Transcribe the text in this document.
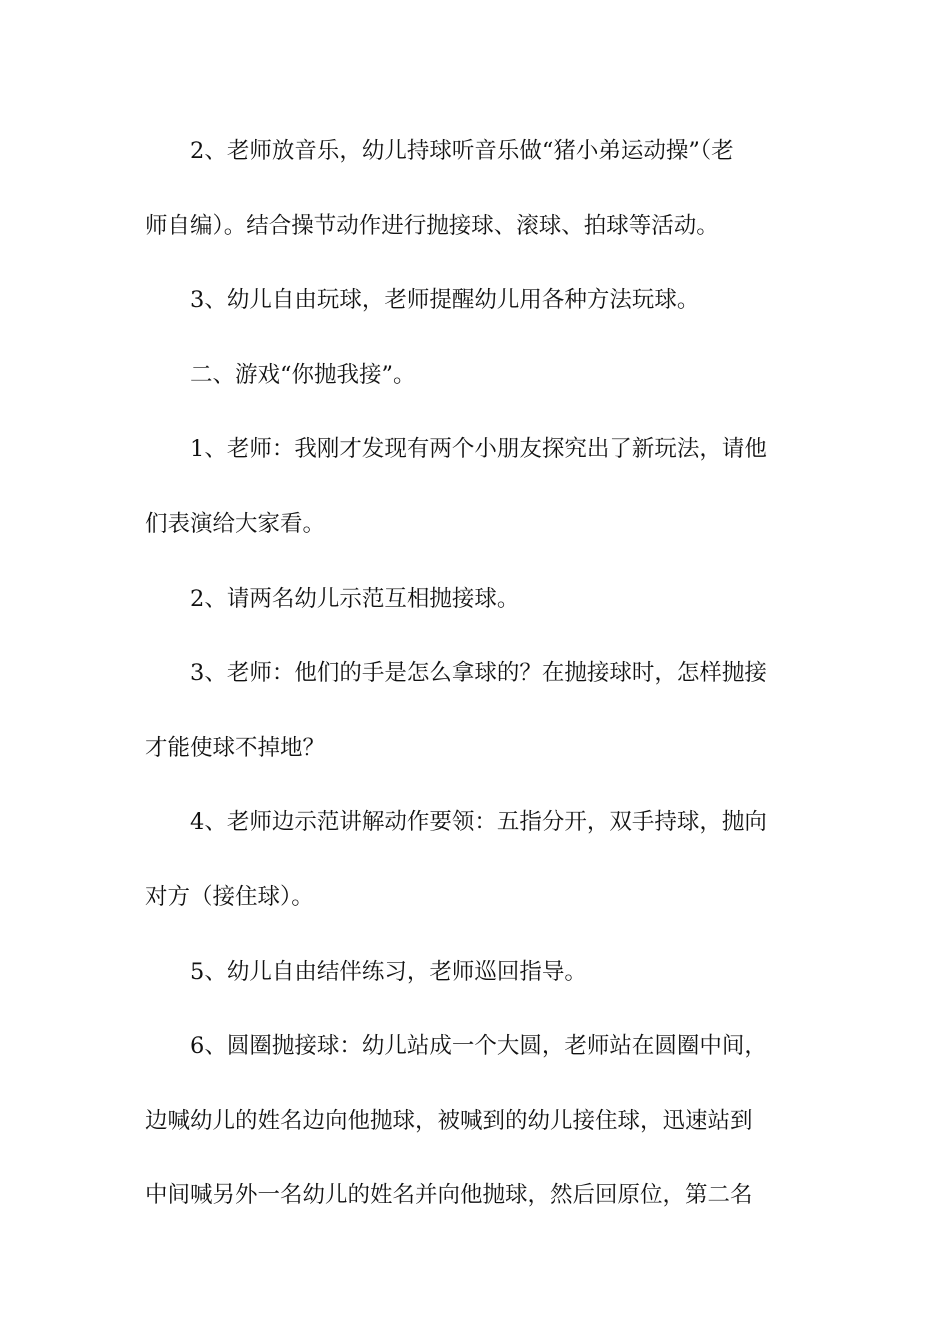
2、老师放音乐，幼儿持球听音乐做“猪小弟运动操”（老
师自编）。结合操节动作进行抛接球、滚球、拍球等活动。
3、幼儿自由玩球，老师提醒幼儿用各种方法玩球。
二、游戏“你抛我接”。
1、老师：我刚才发现有两个小朋友探究出了新玩法，请他
们表演给大家看。
2、请两名幼儿示范互相抛接球。
3、老师：他们的手是怎么拿球的？在抛接球时，怎样抛接
才能使球不掉地？
4、老师边示范讲解动作要领：五指分开，双手持球，抛向
对方（接住球）。
5、幼儿自由结伴练习，老师巡回指导。
6、圆圈抛接球：幼儿站成一个大圆，老师站在圆圈中间，
边喊幼儿的姓名边向他抛球，被喊到的幼儿接住球，迅速站到
中间喊另外一名幼儿的姓名并向他抛球，然后回原位，第二名
